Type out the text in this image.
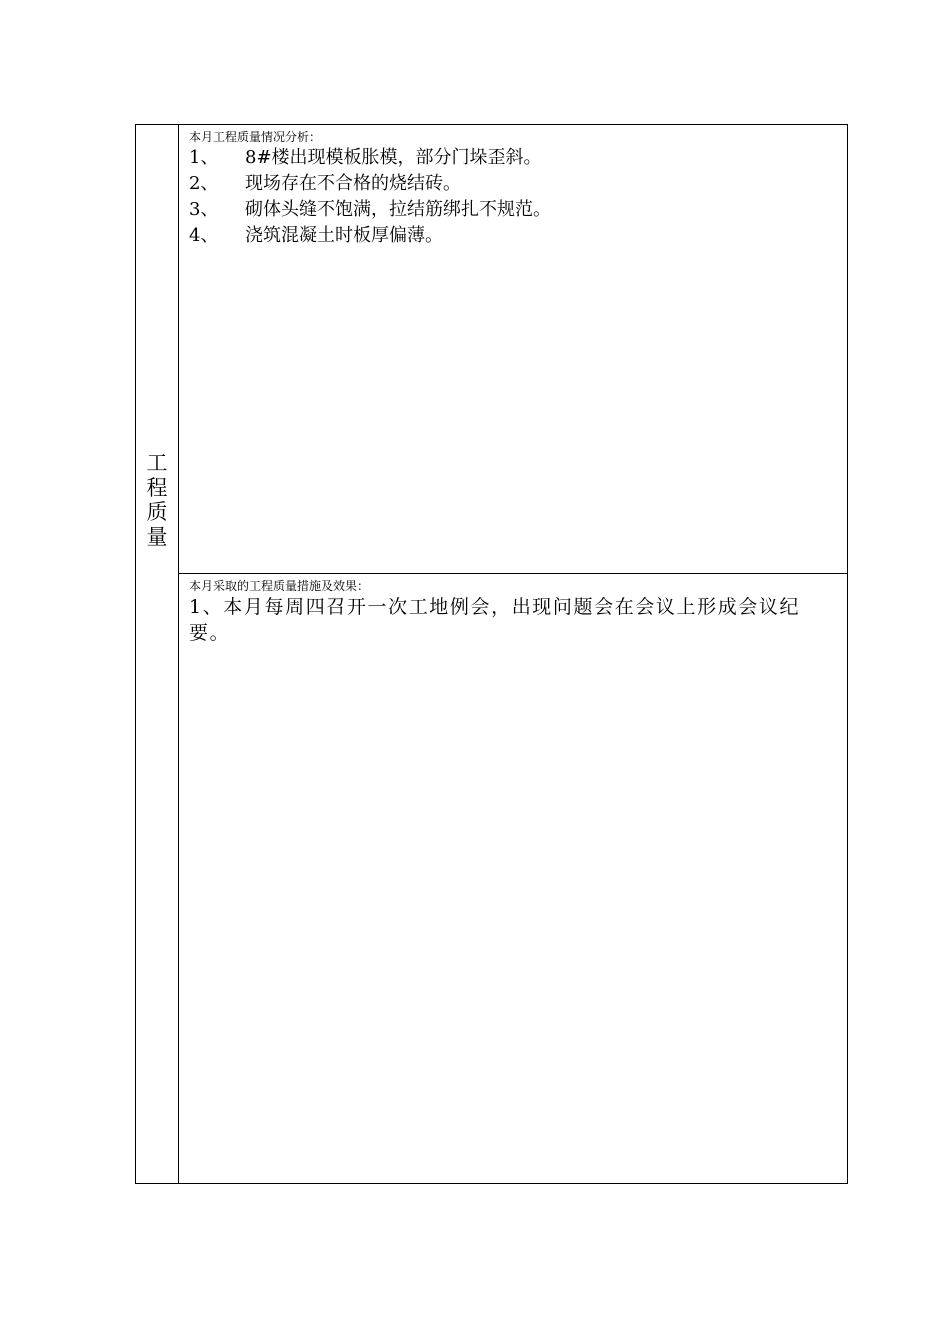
工
程
质
量

本月工程质量情况分析：

1、	8#楼出现模板胀模，部分门垛歪斜。
2、	现场存在不合格的烧结砖。
3、	砌体头缝不饱满，拉结筋绑扎不规范。
4、	浇筑混凝土时板厚偏薄。

本月采取的工程质量措施及效果：

1、本月每周四召开一次工地例会，出现问题会在会议上形成会议纪要。
